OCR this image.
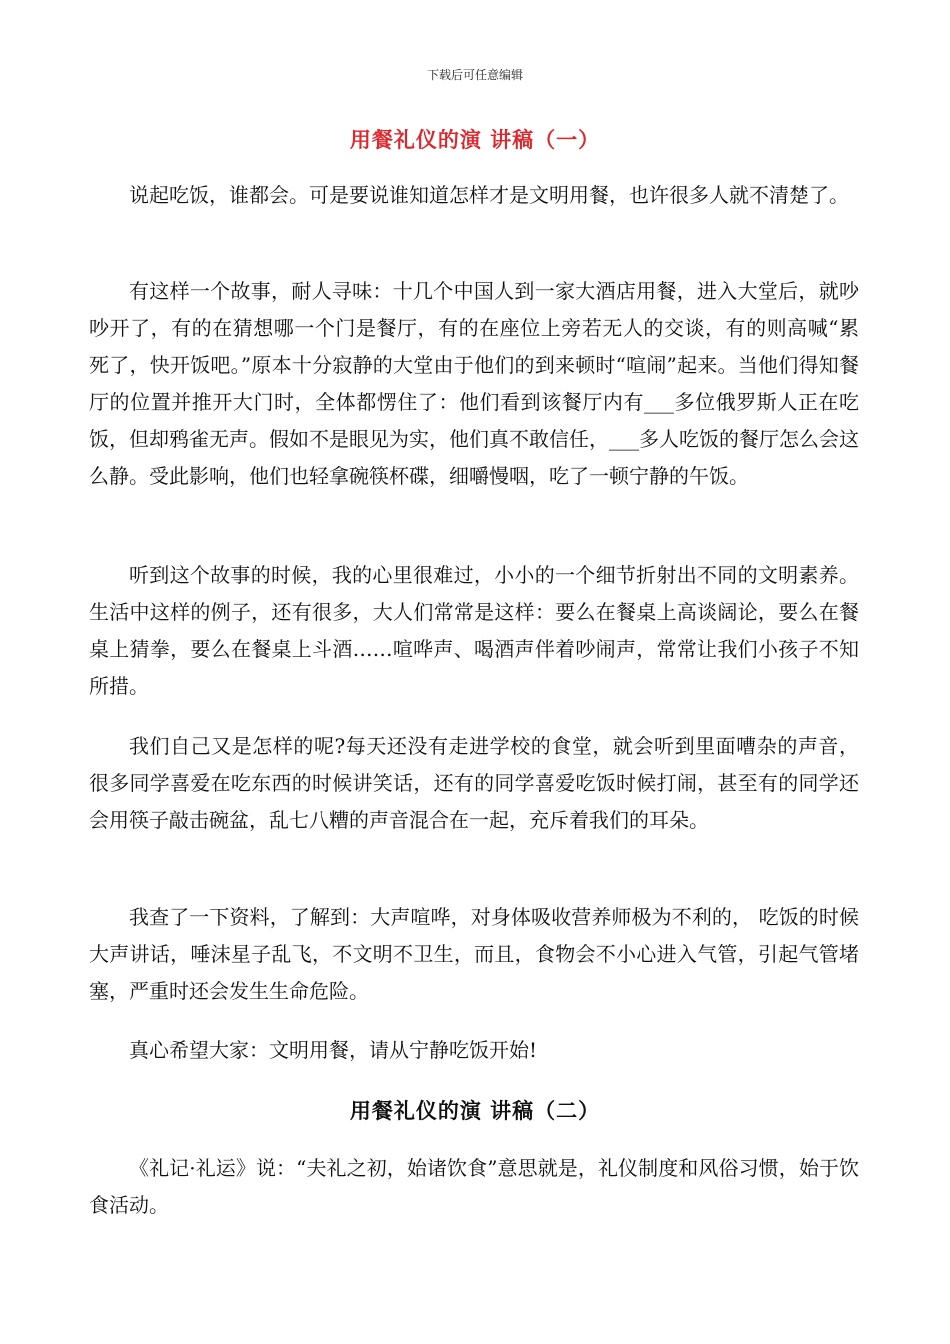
下载后可任意编辑
用餐礼仪的演 讲稿（一）

说起吃饭，谁都会。可是要说谁知道怎样才是文明用餐，也许很多人就不清楚了。

有这样一个故事，耐人寻味：十几个中国人到一家大酒店用餐，进入大堂后，就吵吵开了，有的在猜想哪一个门是餐厅，有的在座位上旁若无人的交谈，有的则高喊“累死了，快开饭吧。”原本十分寂静的大堂由于他们的到来顿时“喧闹”起来。当他们得知餐厅的位置并推开大门时，全体都愣住了：他们看到该餐厅内有___多位俄罗斯人正在吃饭，但却鸦雀无声。假如不是眼见为实，他们真不敢信任，___多人吃饭的餐厅怎么会这么静。受此影响，他们也轻拿碗筷杯碟，细嚼慢咽，吃了一顿宁静的午饭。

听到这个故事的时候，我的心里很难过，小小的一个细节折射出不同的文明素养。生活中这样的例子，还有很多，大人们常常是这样：要么在餐桌上高谈阔论，要么在餐桌上猜拳，要么在餐桌上斗酒……喧哗声、喝酒声伴着吵闹声，常常让我们小孩子不知所措。

我们自己又是怎样的呢?每天还没有走进学校的食堂，就会听到里面嘈杂的声音，很多同学喜爱在吃东西的时候讲笑话，还有的同学喜爱吃饭时候打闹，甚至有的同学还会用筷子敲击碗盆，乱七八糟的声音混合在一起，充斥着我们的耳朵。

我查了一下资料，了解到：大声喧哗，对身体吸收营养师极为不利的， 吃饭的时候大声讲话，唾沫星子乱飞，不文明不卫生，而且，食物会不小心进入气管，引起气管堵塞，严重时还会发生生命危险。

真心希望大家：文明用餐，请从宁静吃饭开始!

用餐礼仪的演 讲稿（二）

《礼记·礼运》说：“夫礼之初，始诸饮食”意思就是，礼仪制度和风俗习惯，始于饮食活动。
